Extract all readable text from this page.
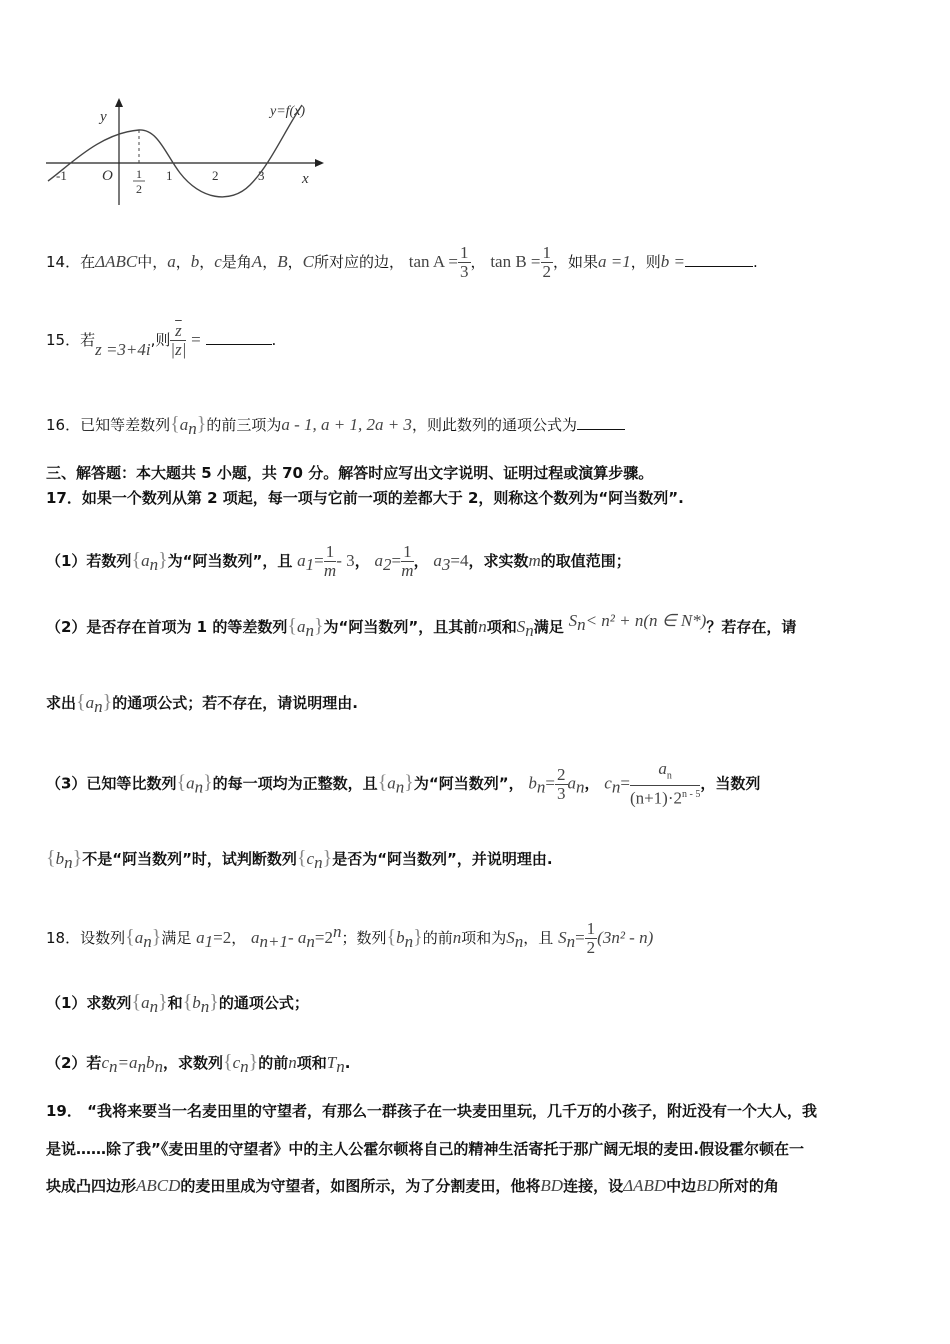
y=f(x)
y
x
O
-1	1
2
1	2	3
14．在ΔABC中，a，b，c是角A，B，C所对应的边， $\tan A = \frac{1}{3}$ ， $\tan B = \frac{1}{2}$ ，如果a =1，则b =	.
15．若z =3+4i,则 $\frac{\overline{z}}{|z|}$ =	.
16．已知等差数列$\{a_n\}$的前三项为a - 1, a + 1, 2a + 3，则此数列的通项公式为
三、解答题：本大题共 5 小题，共 70 分。解答时应写出文字说明、证明过程或演算步骤。
17．如果一个数列从第 2 项起，每一项与它前一项的差都大于 2，则称这个数列为“阿当数列”.
（1）若数列$\{a_n\}$为“阿当数列”，且 $a_1= \frac{1}{m} - 3$， $a_2= \frac{1}{m}$ ， $a_3=4$，求实数m的取值范围；
（2）是否存在首项为 1 的等差数列$\{a_n\}$为“阿当数列”，且其前n项和$S_n$满足 $S_n< n^2 + n(n$ ∈ N*)？若存在，请
求出$\{a_n\}$的通项公式；若不存在，请说明理由.
（3）已知等比数列$\{a_n\}$的每一项均为正整数，且$\{a_n\}$为“阿当数列”， $b_n= \frac{2}{3} a_n$， $c_n= \frac{a_n}{(n+1)\cdot 2^{n - 5}}$ ，当数列
$\{b_n\}$不是“阿当数列”时，试判断数列$\{c_n\}$是否为“阿当数列”，并说明理由.
18．设数列$\{a_n\}$满足 $a_1=2$， $a_{n+1}-$ $a_n=2^n$；数列$\{b_n\}$的前n项和为$S_n$，且 $S_n= \frac{1}{2} (3n^2 - n)$
（1）求数列$\{a_n\}$和$\{b_n\}$的通项公式；
（2）若$c_n=a_nb_n$，求数列$\{c_n\}$的前n项和$T_n$.
19． “我将来要当一名麦田里的守望者，有那么一群孩子在一块麦田里玩，几千万的小孩子，附近没有一个大人，我
是说……除了我”《麦田里的守望者》中的主人公霍尔顿将自己的精神生活寄托于那广阔无垠的麦田.假设霍尔顿在一
块成凸四边形ABCD的麦田里成为守望者，如图所示，为了分割麦田，他将BD连接，设ΔABD中边BD所对的角
